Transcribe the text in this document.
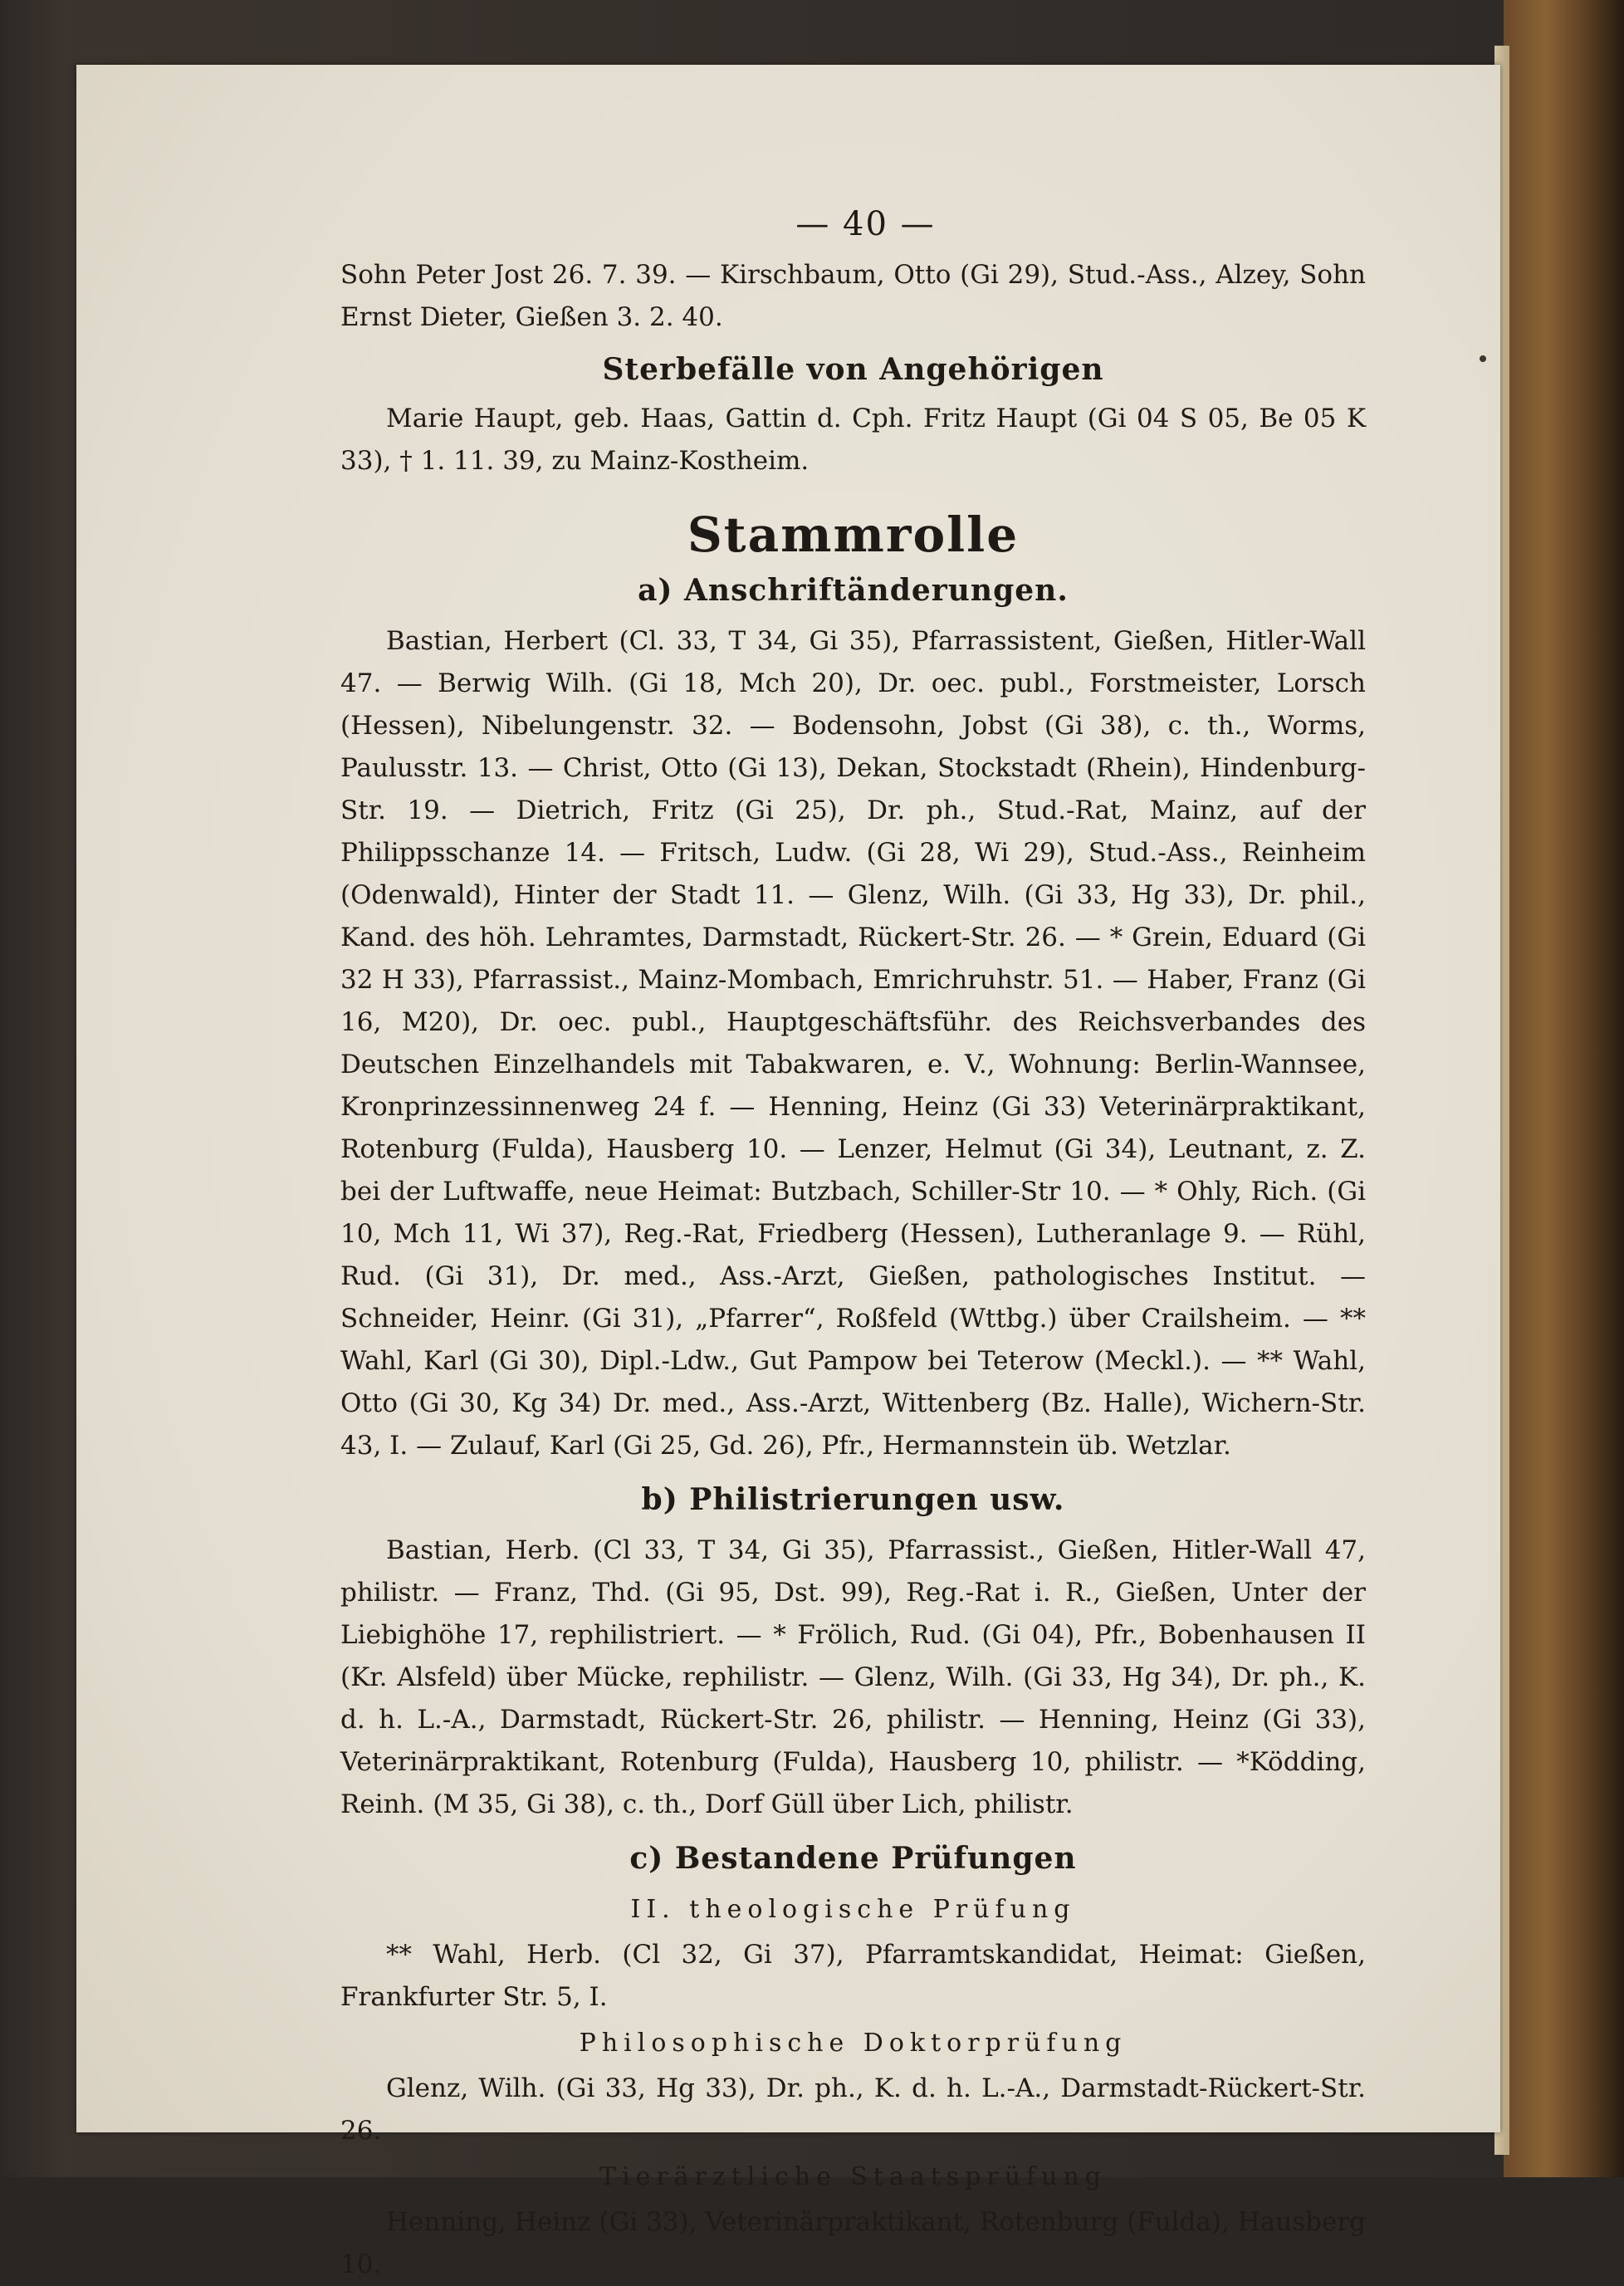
— 40 —

Sohn Peter Jost 26. 7. 39. — Kirschbaum, Otto (Gi 29), Stud.-Ass., Alzey, Sohn Ernst Dieter, Gießen 3. 2. 40.

Sterbefälle von Angehörigen

Marie Haupt, geb. Haas, Gattin d. Cph. Fritz Haupt (Gi 04 S 05, Be 05 K 33), † 1. 11. 39, zu Mainz-Kostheim.

Stammrolle
a) Anschriftänderungen.

Bastian, Herbert (Cl. 33, T 34, Gi 35), Pfarrassistent, Gießen, Hitler-Wall 47. — Berwig Wilh. (Gi 18, Mch 20), Dr. oec. publ., Forstmeister, Lorsch (Hessen), Nibelungenstr. 32. — Bodensohn, Jobst (Gi 38), c. th., Worms, Paulusstr. 13. — Christ, Otto (Gi 13), Dekan, Stockstadt (Rhein), Hindenburg-Str. 19. — Dietrich, Fritz (Gi 25), Dr. ph., Stud.-Rat, Mainz, auf der Philippsschanze 14. — Fritsch, Ludw. (Gi 28, Wi 29), Stud.-Ass., Reinheim (Odenwald), Hinter der Stadt 11. — Glenz, Wilh. (Gi 33, Hg 33), Dr. phil., Kand. des höh. Lehramtes, Darmstadt, Rückert-Str. 26. — * Grein, Eduard (Gi 32 H 33), Pfarrassist., Mainz-Mombach, Emrichruhstr. 51. — Haber, Franz (Gi 16, M20), Dr. oec. publ., Hauptgeschäftsführ. des Reichsverbandes des Deutschen Einzelhandels mit Tabakwaren, e. V., Wohnung: Berlin-Wannsee, Kronprinzessinnenweg 24 f. — Henning, Heinz (Gi 33) Veterinärpraktikant, Rotenburg (Fulda), Hausberg 10. — Lenzer, Helmut (Gi 34), Leutnant, z. Z. bei der Luftwaffe, neue Heimat: Butzbach, Schiller-Str 10. — * Ohly, Rich. (Gi 10, Mch 11, Wi 37), Reg.-Rat, Friedberg (Hessen), Lutheranlage 9. — Rühl, Rud. (Gi 31), Dr. med., Ass.-Arzt, Gießen, pathologisches Institut. — Schneider, Heinr. (Gi 31), „Pfarrer“, Roßfeld (Wttbg.) über Crailsheim. — ** Wahl, Karl (Gi 30), Dipl.-Ldw., Gut Pampow bei Teterow (Meckl.). — ** Wahl, Otto (Gi 30, Kg 34) Dr. med., Ass.-Arzt, Wittenberg (Bz. Halle), Wichern-Str. 43, I. — Zulauf, Karl (Gi 25, Gd. 26), Pfr., Hermannstein üb. Wetzlar.

b) Philistrierungen usw.

Bastian, Herb. (Cl 33, T 34, Gi 35), Pfarrassist., Gießen, Hitler-Wall 47, philistr. — Franz, Thd. (Gi 95, Dst. 99), Reg.-Rat i. R., Gießen, Unter der Liebighöhe 17, rephilistriert. — * Frölich, Rud. (Gi 04), Pfr., Bobenhausen II (Kr. Alsfeld) über Mücke, rephilistr. — Glenz, Wilh. (Gi 33, Hg 34), Dr. ph., K. d. h. L.-A., Darmstadt, Rückert-Str. 26, philistr. — Henning, Heinz (Gi 33), Veterinärpraktikant, Rotenburg (Fulda), Hausberg 10, philistr. — *Ködding, Reinh. (M 35, Gi 38), c. th., Dorf Güll über Lich, philistr.

c) Bestandene Prüfungen
II. theologische Prüfung

** Wahl, Herb. (Cl 32, Gi 37), Pfarramtskandidat, Heimat: Gießen, Frankfurter Str. 5, I.

Philosophische Doktorprüfung

Glenz, Wilh. (Gi 33, Hg 33), Dr. ph., K. d. h. L.-A., Darmstadt-Rückert-Str. 26.

Tierärztliche Staatsprüfung

Henning, Heinz (Gi 33), Veterinärpraktikant, Rotenburg (Fulda), Hausberg 10.
